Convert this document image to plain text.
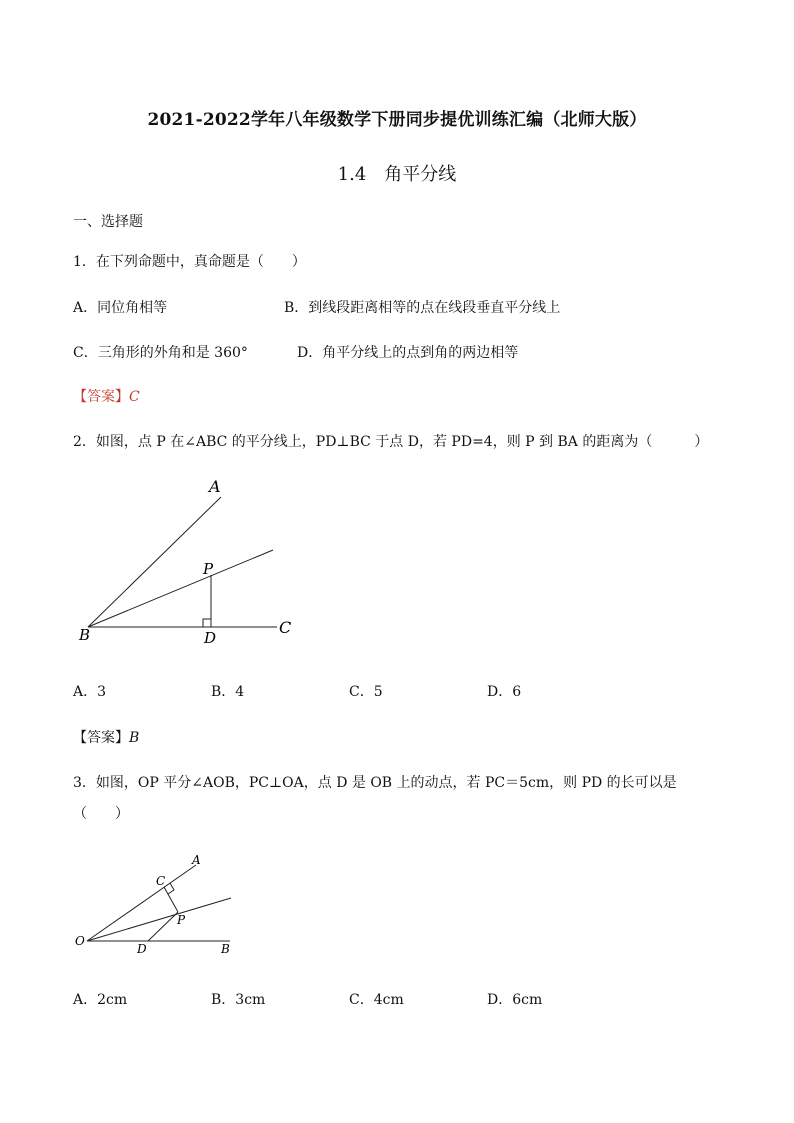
2021-2022学年八年级数学下册同步提优训练汇编（北师大版）
1.4　角平分线
一、选择题
1．在下列命题中，真命题是（　　）
A．同位角相等	B．到线段距离相等的点在线段垂直平分线上
C．三角形的外角和是 360°	D．角平分线上的点到角的两边相等
【答案】C
2．如图，点 P 在∠ABC 的平分线上，PD⊥BC 于点 D，若 PD=4，则 P 到 BA 的距离为（　　　）
A
P
B	D
C
A．3	B．4	C．5	D．6
【答案】B
3．如图，OP 平分∠AOB，PC⊥OA，点 D 是 OB 上的动点，若 PC＝5cm，则 PD 的长可以是
（　　）
A
C
P
O
D	B
A．2cm	B．3cm	C．4cm	D．6cm
